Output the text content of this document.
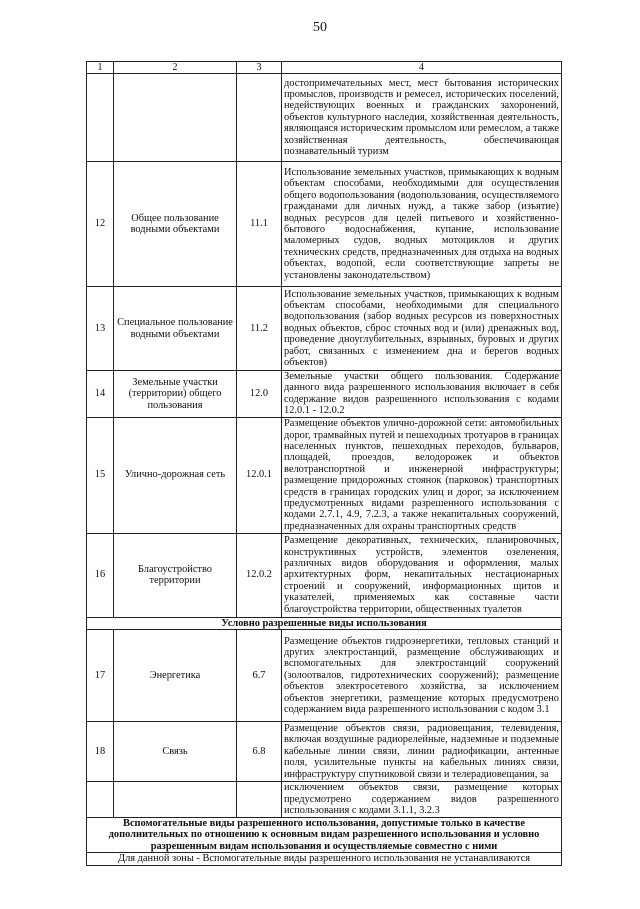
50
1	2	3	4
			достопримечательных мест, мест бытования исторических промыслов, производств и ремесел, исторических поселений, недействующих военных и гражданских захоронений, объектов культурного наследия, хозяйственная деятельность, являющаяся историческим промыслом или ремеслом, а также хозяйственная деятельность, обеспечивающая познавательный туризм
12	Общее пользование водными объектами	11.1	Использование земельных участков, примыкающих к водным объектам способами, необходимыми для осуществления общего водопользования (водопользования, осуществляемого гражданами для личных нужд, а также забор (изъятие) водных ресурсов для целей питьевого и хозяйственно-бытового водоснабжения, купание, использование маломерных судов, водных мотоциклов и других технических средств, предназначенных для отдыха на водных объектах, водопой, если соответствующие запреты не установлены законодательством)
13	Специальное пользование водными объектами	11.2	Использование земельных участков, примыкающих к водным объектам способами, необходимыми для специального водопользования (забор водных ресурсов из поверхностных водных объектов, сброс сточных вод и (или) дренажных вод, проведение дноуглубительных, взрывных, буровых и других работ, связанных с изменением дна и берегов водных объектов)
14	Земельные участки (территории) общего пользования	12.0	Земельные участки общего пользования. Содержание данного вида разрешенного использования включает в себя содержание видов разрешенного использования с кодами 12.0.1 - 12.0.2
15	Улично-дорожная сеть	12.0.1	Размещение объектов улично-дорожной сети: автомобильных дорог, трамвайных путей и пешеходных тротуаров в границах населенных пунктов, пешеходных переходов, бульваров, площадей, проездов, велодорожек и объектов велотранспортной и инженерной инфраструктуры; размещение придорожных стоянок (парковок) транспортных средств в границах городских улиц и дорог, за исключением предусмотренных видами разрешенного использования с кодами 2.7.1, 4.9, 7.2.3, а также некапитальных сооружений, предназначенных для охраны транспортных средств
16	Благоустройство территории	12.0.2	Размещение декоративных, технических, планировочных, конструктивных устройств, элементов озеленения, различных видов оборудования и оформления, малых архитектурных форм, некапитальных нестационарных строений и сооружений, информационных щитов и указателей, применяемых как составные части благоустройства территории, общественных туалетов
Условно разрешенные виды использования			
17	Энергетика	6.7	Размещение объектов гидроэнергетики, тепловых станций и других электростанций, размещение обслуживающих и вспомогательных для электростанций сооружений (золоотвалов, гидротехнических сооружений); размещение объектов электросетевого хозяйства, за исключением объектов энергетики, размещение которых предусмотрено содержанием вида разрешенного использования с кодом 3.1
18	Связь	6.8	Размещение объектов связи, радиовещания, телевидения, включая воздушные радиорелейные, надземные и подземные кабельные линии связи, линии радиофикации, антенные поля, усилительные пункты на кабельных линиях связи, инфраструктуру спутниковой связи и телерадиовещания, за
			исключением объектов связи, размещение которых предусмотрено содержанием видов разрешенного использования с кодами 3.1.1, 3.2.3
Вспомогательные виды разрешенного использования, допустимые только в качестве дополнительных по отношению к основным видам разрешенного использования и условно разрешенным видам использования и осуществляемые совместно с ними			
Для данной зоны - Вспомогательные виды разрешенного использования не устанавливаются			
